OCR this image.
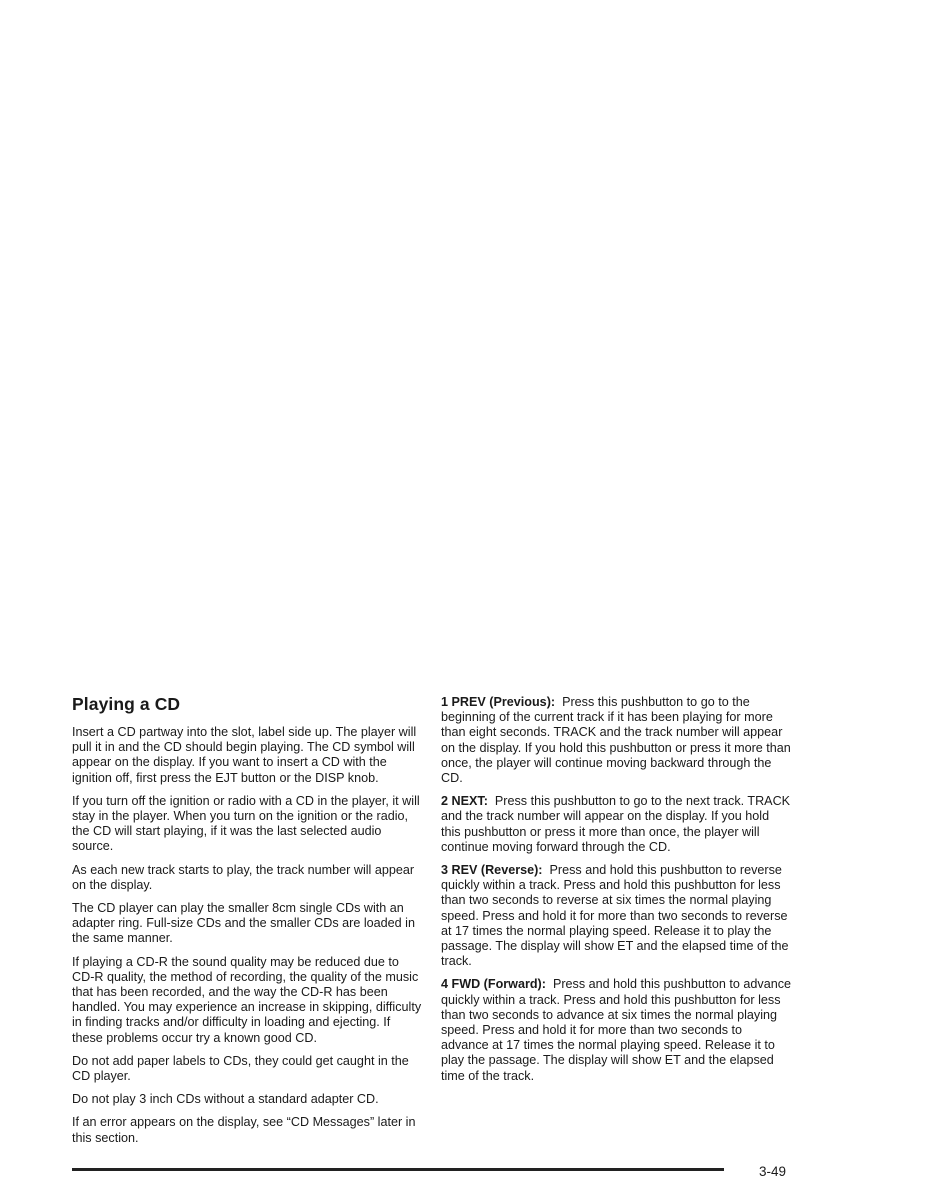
Playing a CD

Insert a CD partway into the slot, label side up. The player will pull it in and the CD should begin playing. The CD symbol will appear on the display. If you want to insert a CD with the ignition off, first press the EJT button or the DISP knob.

If you turn off the ignition or radio with a CD in the player, it will stay in the player. When you turn on the ignition or the radio, the CD will start playing, if it was the last selected audio source.

As each new track starts to play, the track number will appear on the display.

The CD player can play the smaller 8cm single CDs with an adapter ring. Full-size CDs and the smaller CDs are loaded in the same manner.

If playing a CD-R the sound quality may be reduced due to CD-R quality, the method of recording, the quality of the music that has been recorded, and the way the CD-R has been handled. You may experience an increase in skipping, difficulty in finding tracks and/or difficulty in loading and ejecting. If these problems occur try a known good CD.

Do not add paper labels to CDs, they could get caught in the CD player.

Do not play 3 inch CDs without a standard adapter CD.

If an error appears on the display, see “CD Messages” later in this section.

1 PREV (Previous): Press this pushbutton to go to the beginning of the current track if it has been playing for more than eight seconds. TRACK and the track number will appear on the display. If you hold this pushbutton or press it more than once, the player will continue moving backward through the CD.

2 NEXT: Press this pushbutton to go to the next track. TRACK and the track number will appear on the display. If you hold this pushbutton or press it more than once, the player will continue moving forward through the CD.

3 REV (Reverse): Press and hold this pushbutton to reverse quickly within a track. Press and hold this pushbutton for less than two seconds to reverse at six times the normal playing speed. Press and hold it for more than two seconds to reverse at 17 times the normal playing speed. Release it to play the passage. The display will show ET and the elapsed time of the track.

4 FWD (Forward): Press and hold this pushbutton to advance quickly within a track. Press and hold this pushbutton for less than two seconds to advance at six times the normal playing speed. Press and hold it for more than two seconds to advance at 17 times the normal playing speed. Release it to play the passage. The display will show ET and the elapsed time of the track.

3-49
